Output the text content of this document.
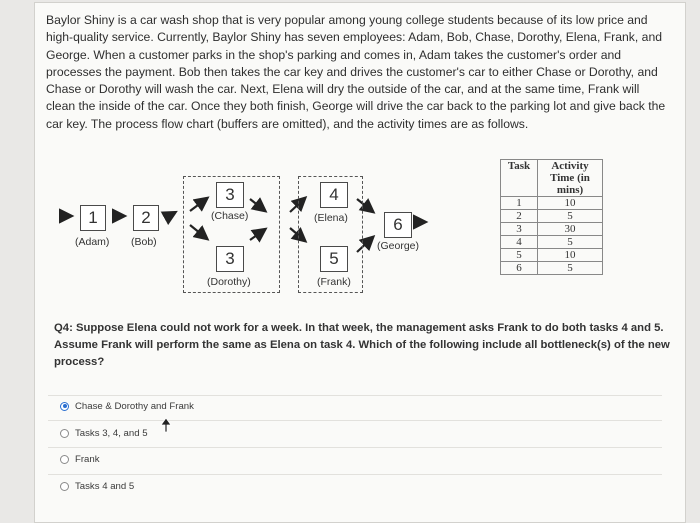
Baylor Shiny is a car wash shop that is very popular among young college students because of its low price and high-quality service. Currently, Baylor Shiny has seven employees: Adam, Bob, Chase, Dorothy, Elena, Frank, and George. When a customer parks in the shop's parking and comes in, Adam takes the customer's order and processes the payment. Bob then takes the car key and drives the customer's car to either Chase or Dorothy, and Chase or Dorothy will wash the car. Next, Elena will dry the outside of the car, and at the same time, Frank will clean the inside of the car. Once they both finish, George will drive the car back to the parking lot and give back the car key. The process flow chart (buffers are omitted), and the activity times are as follows.
1
(Adam)
2
(Bob)
3
(Chase)
3
(Dorothy)
4
(Elena)
5
(Frank)
6
(George)
Task	Activity Time (in mins)
1	10
2	5
3	30
4	5
5	10
6	5
Q4: Suppose Elena could not work for a week. In that week, the management asks Frank to do both tasks 4 and 5. Assume Frank will perform the same as Elena on task 4. Which of the following include all bottleneck(s) of the new process?
Chase & Dorothy and Frank
Tasks 3, 4, and 5
Frank
Tasks 4 and 5
